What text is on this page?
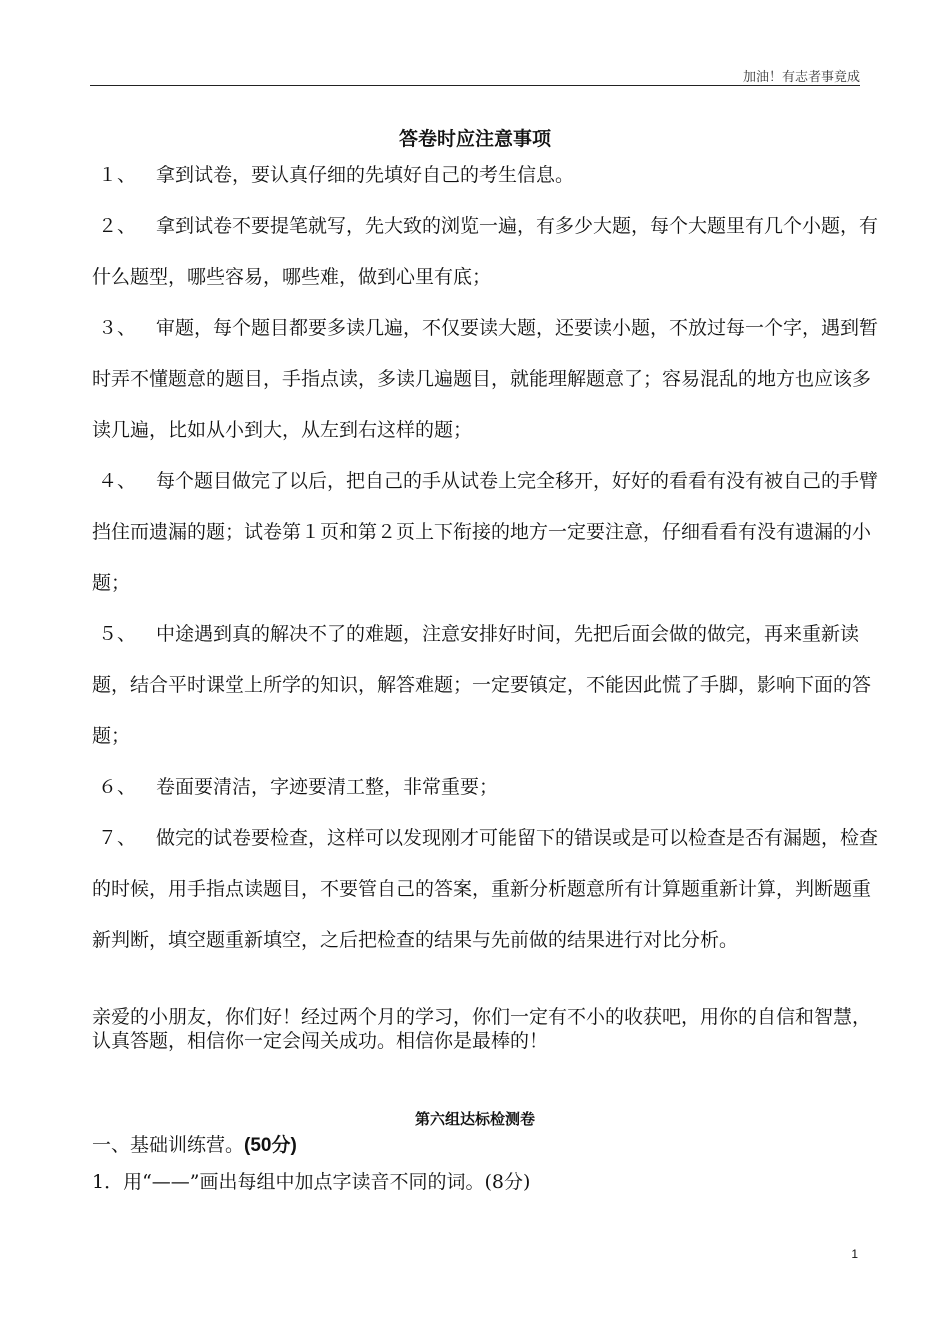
加油！有志者事竟成
答卷时应注意事项

１、 拿到试卷，要认真仔细的先填好自己的考生信息。

２、 拿到试卷不要提笔就写，先大致的浏览一遍，有多少大题，每个大题里有几个小题，有什么题型，哪些容易，哪些难，做到心里有底；

３、 审题，每个题目都要多读几遍，不仅要读大题，还要读小题，不放过每一个字，遇到暂时弄不懂题意的题目，手指点读，多读几遍题目，就能理解题意了；容易混乱的地方也应该多读几遍，比如从小到大，从左到右这样的题；

４、 每个题目做完了以后，把自己的手从试卷上完全移开，好好的看看有没有被自己的手臂挡住而遗漏的题；试卷第１页和第２页上下衔接的地方一定要注意，仔细看看有没有遗漏的小题；

５、 中途遇到真的解决不了的难题，注意安排好时间，先把后面会做的做完，再来重新读题，结合平时课堂上所学的知识，解答难题；一定要镇定，不能因此慌了手脚，影响下面的答题；

６、 卷面要清洁，字迹要清工整，非常重要；

７、 做完的试卷要检查，这样可以发现刚才可能留下的错误或是可以检查是否有漏题，检查的时候，用手指点读题目，不要管自己的答案，重新分析题意所有计算题重新计算，判断题重新判断，填空题重新填空，之后把检查的结果与先前做的结果进行对比分析。

亲爱的小朋友，你们好！经过两个月的学习，你们一定有不小的收获吧，用你的自信和智慧，认真答题，相信你一定会闯关成功。相信你是最棒的！
第六组达标检测卷
一、基础训练营。(50分)
1．用“——”画出每组中加点字读音不同的词。(8分)
1
